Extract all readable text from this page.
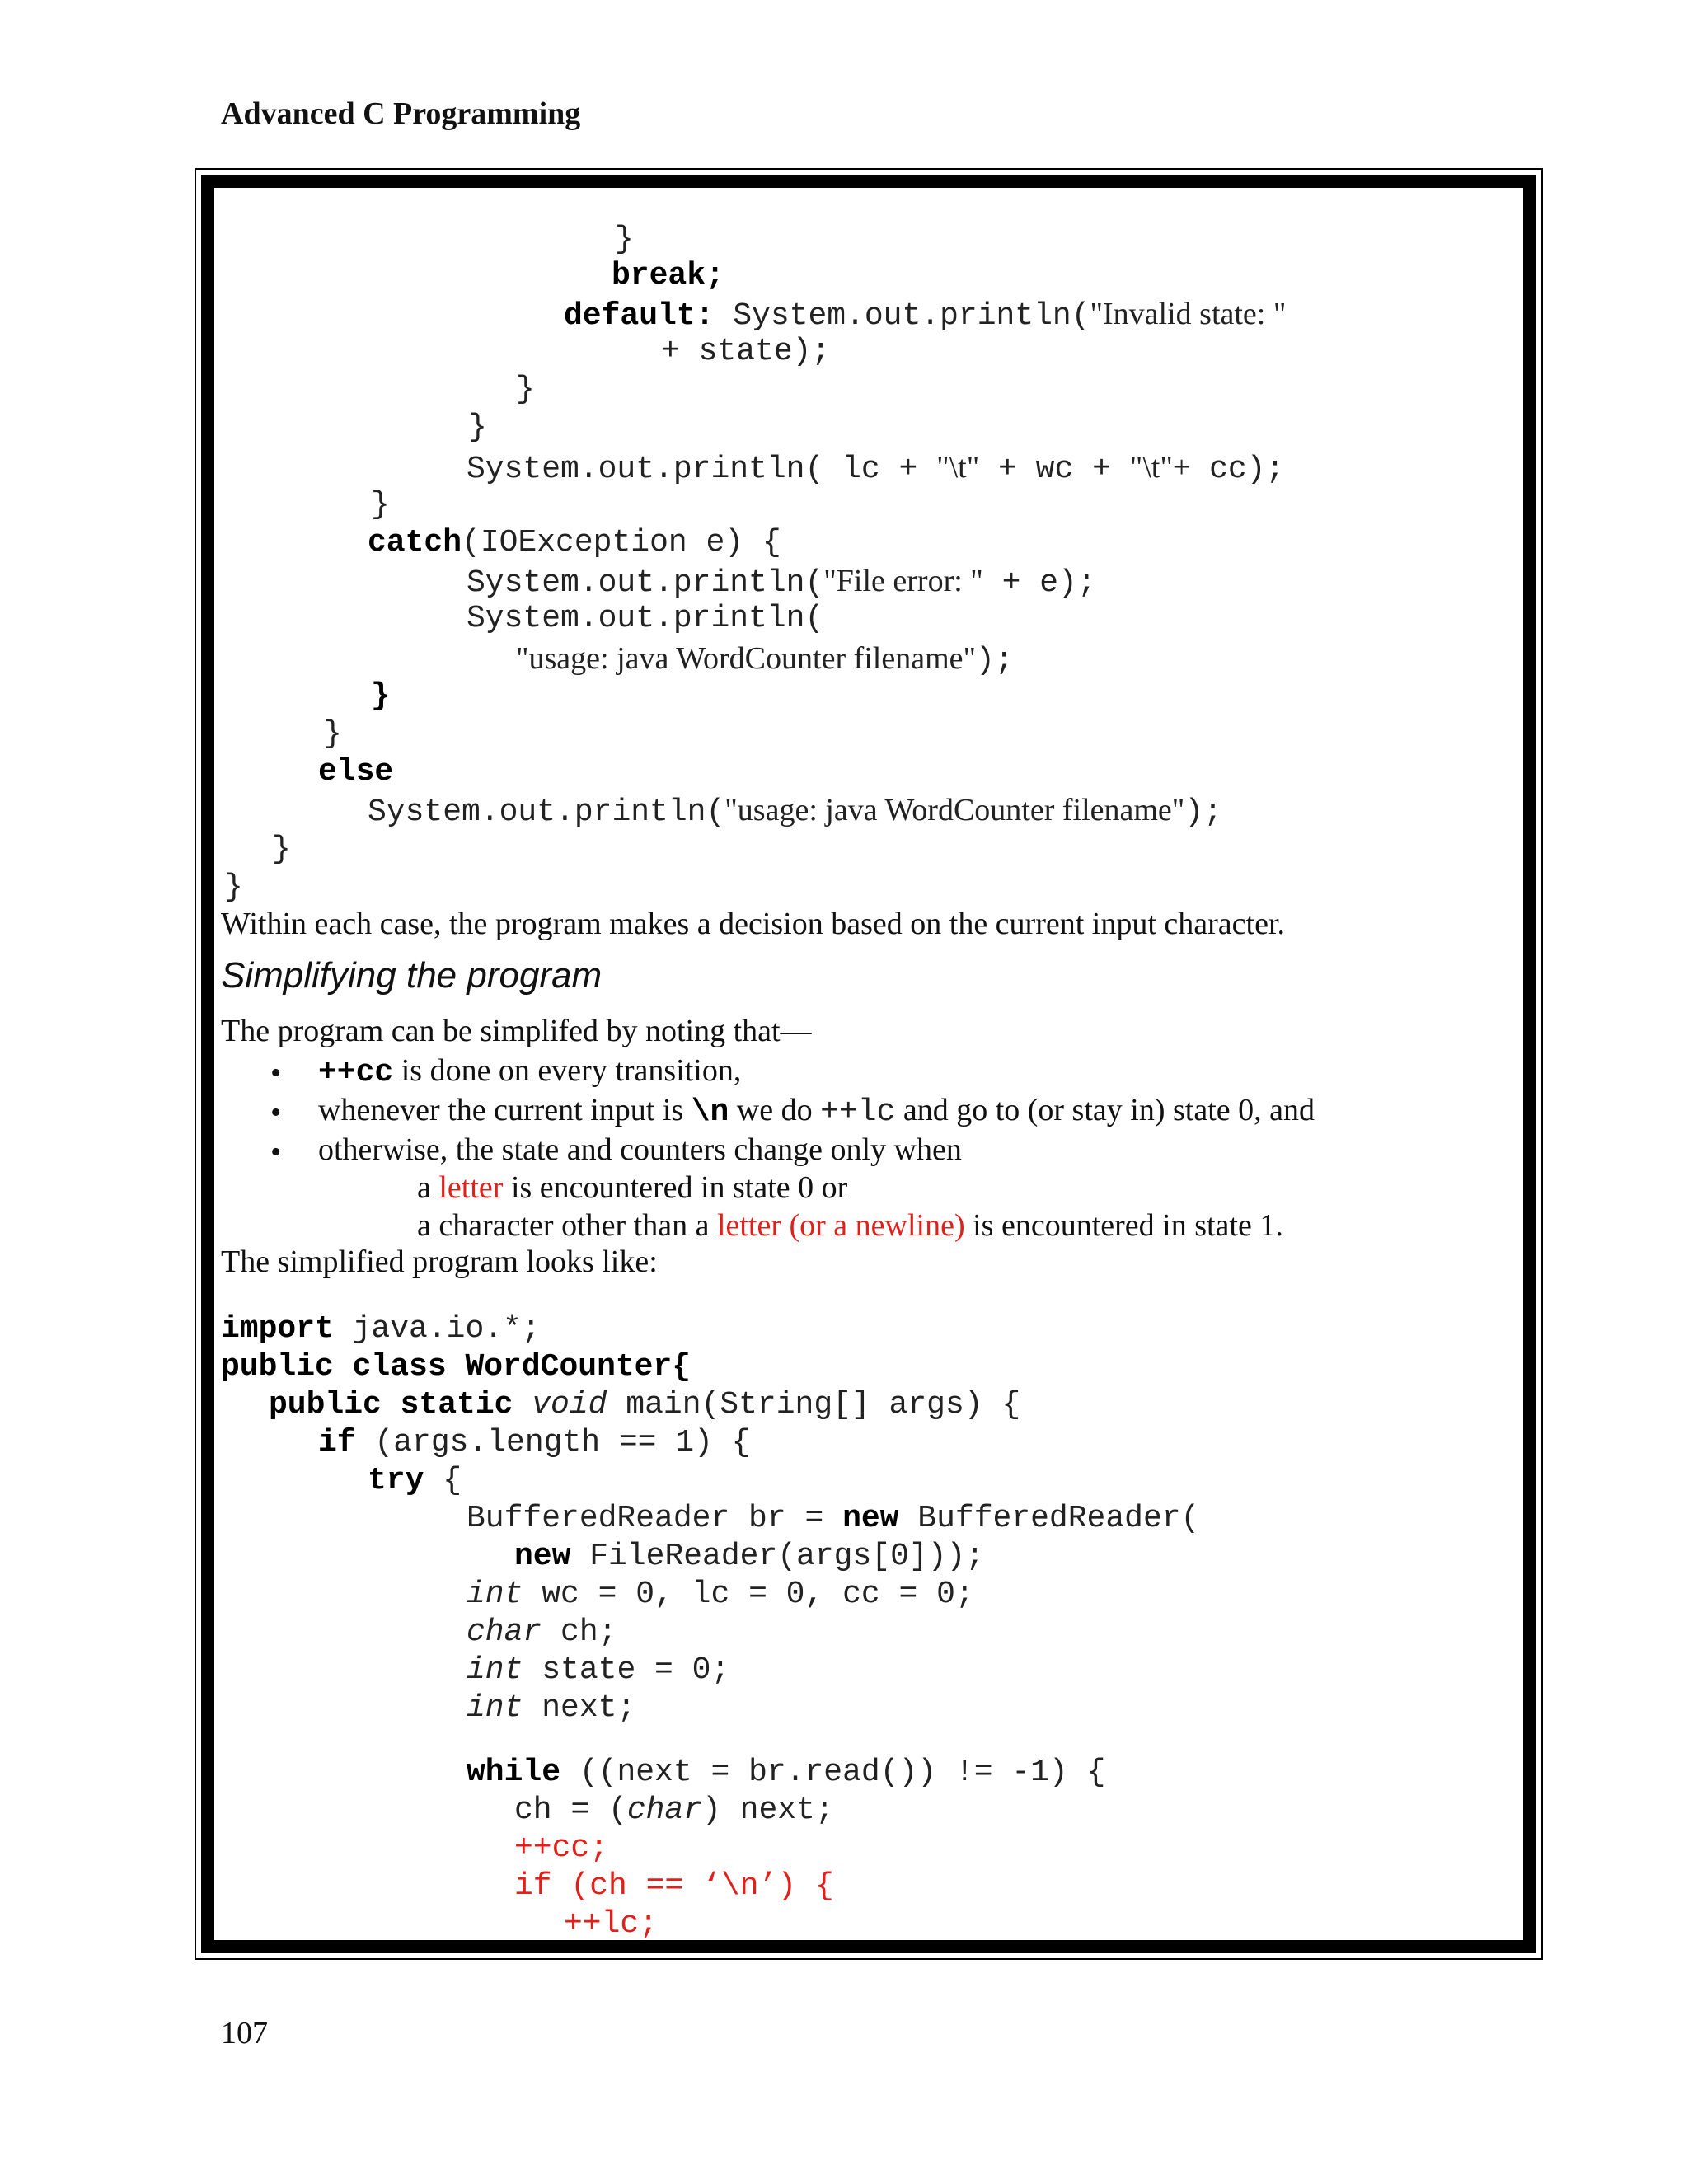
Advanced C Programming
}
break;
default: System.out.println("Invalid state: "
+ state);
}
}
System.out.println( lc + "\t" + wc + "\t"+ cc);
}
catch(IOException e) {
System.out.println("File error: " + e);
System.out.println(
"usage: java WordCounter filename");
}
}
else
System.out.println("usage: java WordCounter filename");
}
}
Within each case, the program makes a decision based on the current input character.
Simplifying the program
The program can be simplifed by noting that—
• ++cc is done on every transition,
• whenever the current input is \n we do ++lc and go to (or stay in) state 0, and
• otherwise, the state and counters change only when
a letter is encountered in state 0 or
a character other than a letter (or a newline) is encountered in state 1.
The simplified program looks like:
import java.io.*;
public class WordCounter{
public static void main(String[] args) {
if (args.length == 1) {
try {
BufferedReader br = new BufferedReader(
new FileReader(args[0]));
int wc = 0, lc = 0, cc = 0;
char ch;
int state = 0;
int next;
while ((next = br.read()) != -1) {
ch = (char) next;
++cc;
if (ch == ‘\n’) {
++lc;
107
